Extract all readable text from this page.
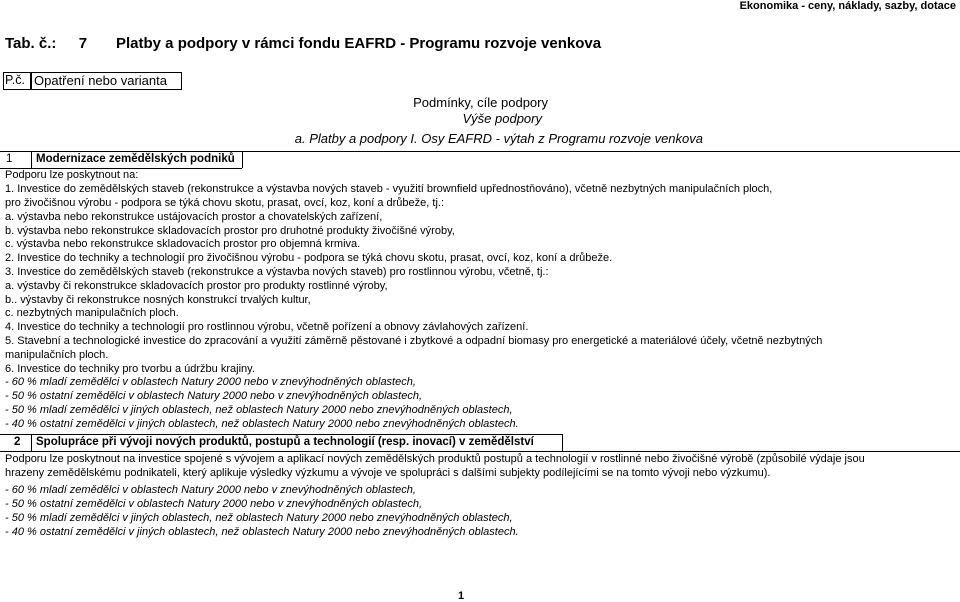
Ekonomika - ceny, náklady, sazby, dotace
Tab. č.: 7 Platby a podpory v rámci fondu EAFRD - Programu rozvoje venkova
P.č. Opatření nebo varianta
Podmínky, cíle podpory
Výše podpory
a. Platby a podpory I. Osy EAFRD - výtah z Programu rozvoje venkova
1 Modernizace zemědělských podniků
Podporu lze poskytnout na:
1. Investice do zemědělských staveb (rekonstrukce a výstavba nových staveb - využití brownfield upřednostňováno), včetně nezbytných manipulačních ploch,
pro živočišnou výrobu - podpora se týká chovu skotu, prasat, ovcí, koz, koní a drůbeže, tj.:
a. výstavba nebo rekonstrukce ustájovacích prostor a chovatelských zařízení,
b. výstavba nebo rekonstrukce skladovacích prostor pro druhotné produkty živočišné výroby,
c. výstavba nebo rekonstrukce skladovacích prostor pro objemná krmiva.
2. Investice do techniky a technologií pro živočišnou výrobu - podpora se týká chovu skotu, prasat, ovcí, koz, koní a drůbeže.
3. Investice do zemědělských staveb (rekonstrukce a výstavba nových staveb) pro rostlinnou výrobu, včetně, tj.:
a. výstavby či rekonstrukce skladovacích prostor pro produkty rostlinné výroby,
b.. výstavby či rekonstrukce nosných konstrukcí trvalých kultur,
c. nezbytných manipulačních ploch.
4. Investice do techniky a technologií pro rostlinnou výrobu, včetně pořízení a obnovy závlahových zařízení.
5. Stavební a technologické investice do zpracování a využití záměrně pěstované i zbytkové a odpadní biomasy pro energetické a materiálové účely, včetně nezbytných
manipulačních ploch.
6. Investice do techniky pro tvorbu a údržbu krajiny.
- 60 % mladí zemědělci v oblastech Natury 2000 nebo v znevýhodněných oblastech,
- 50 % ostatní zemědělci v oblastech Natury 2000 nebo v znevýhodněných oblastech,
- 50 % mladí zemědělci v jiných oblastech, než oblastech Natury 2000 nebo znevýhodněných oblastech,
- 40 % ostatní zemědělci v jiných oblastech, než oblastech Natury 2000 nebo znevýhodněných oblastech.
2 Spolupráce při vývoji nových produktů, postupů a technologií (resp. inovací) v zemědělství
Podporu lze poskytnout na investice spojené s vývojem a aplikací nových zemědělských produktů postupů a technologií v rostlinné nebo živočišné výrobě (způsobilé výdaje jsou
hrazeny zemědělskému podnikateli, který aplikuje výsledky výzkumu a vývoje ve spolupráci s dalšími subjekty podílejícími se na tomto vývoji nebo výzkumu).
- 60 % mladí zemědělci v oblastech Natury 2000 nebo v znevýhodněných oblastech,
- 50 % ostatní zemědělci v oblastech Natury 2000 nebo v znevýhodněných oblastech,
- 50 % mladí zemědělci v jiných oblastech, než oblastech Natury 2000 nebo znevýhodněných oblastech,
- 40 % ostatní zemědělci v jiných oblastech, než oblastech Natury 2000 nebo znevýhodněných oblastech.
1
